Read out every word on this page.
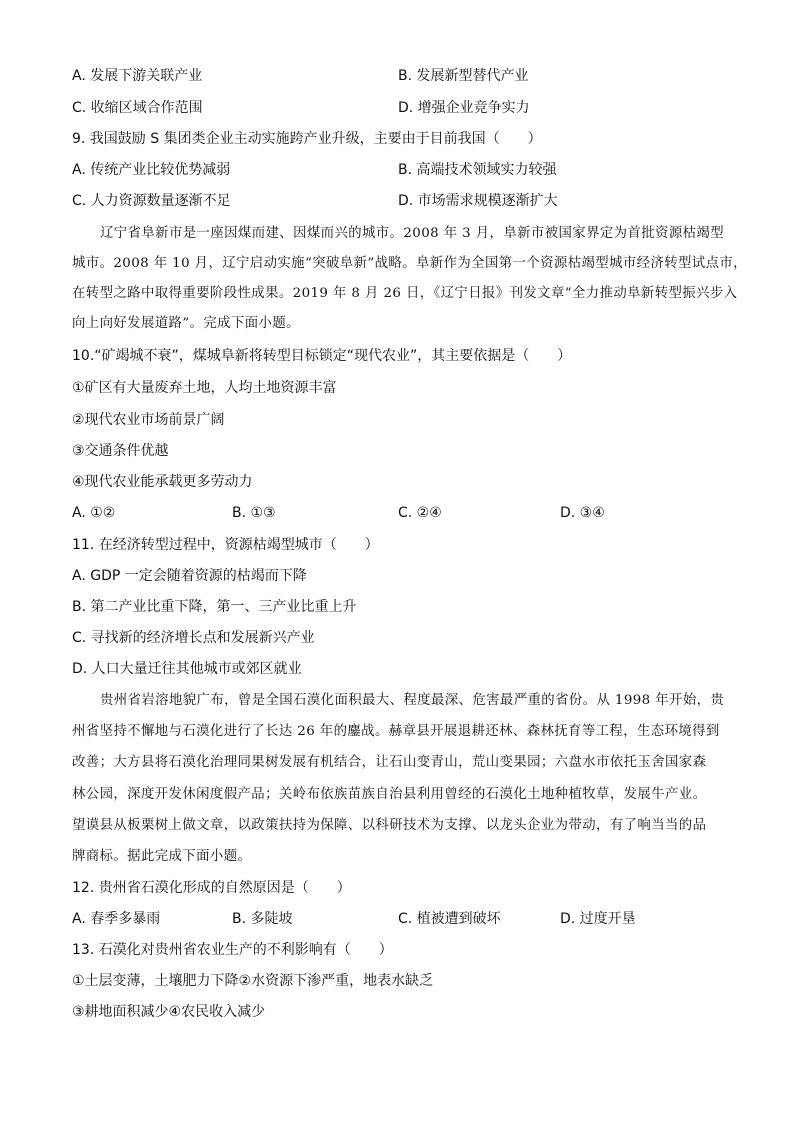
A. 发展下游关联产业	B. 发展新型替代产业
C. 收缩区域合作范围	D. 增强企业竞争实力
9. 我国鼓励 S 集团类企业主动实施跨产业升级，主要由于目前我国（　　）
A. 传统产业比较优势减弱	B. 高端技术领域实力较强
C. 人力资源数量逐渐不足	D. 市场需求规模逐渐扩大
辽宁省阜新市是一座因煤而建、因煤而兴的城市。2008 年 3 月，阜新市被国家界定为首批资源枯竭型
城市。2008 年 10 月，辽宁启动实施“突破阜新”战略。阜新作为全国第一个资源枯竭型城市经济转型试点市，
在转型之路中取得重要阶段性成果。2019 年 8 月 26 日，《辽宁日报》刊发文章“全力推动阜新转型振兴步入
向上向好发展道路”。完成下面小题。
10.“矿竭城不衰”，煤城阜新将转型目标锁定“现代农业”，其主要依据是（　　）
①矿区有大量废弃土地，人均土地资源丰富
②现代农业市场前景广阔
③交通条件优越
④现代农业能承载更多劳动力
A. ①②	B. ①③	C. ②④	D. ③④
11. 在经济转型过程中，资源枯竭型城市（　　）
A. GDP 一定会随着资源的枯竭而下降
B. 第二产业比重下降，第一、三产业比重上升
C. 寻找新的经济增长点和发展新兴产业
D. 人口大量迁往其他城市或郊区就业
贵州省岩溶地貌广布，曾是全国石漠化面积最大、程度最深、危害最严重的省份。从 1998 年开始，贵
州省坚持不懈地与石漠化进行了长达 26 年的鏖战。赫章县开展退耕还林、森林抚育等工程，生态环境得到
改善；大方县将石漠化治理同果树发展有机结合，让石山变青山，荒山变果园；六盘水市依托玉舍国家森
林公园，深度开发休闲度假产品；关岭布依族苗族自治县利用曾经的石漠化土地种植牧草，发展牛产业。
望谟县从板栗树上做文章，以政策扶持为保障、以科研技术为支撑、以龙头企业为带动，有了响当当的品
牌商标。据此完成下面小题。
12. 贵州省石漠化形成的自然原因是（　　）
A. 春季多暴雨	B. 多陡坡	C. 植被遭到破坏	D. 过度开垦
13. 石漠化对贵州省农业生产的不利影响有（　　）
①土层变薄，土壤肥力下降②水资源下渗严重，地表水缺乏
③耕地面积减少④农民收入减少
